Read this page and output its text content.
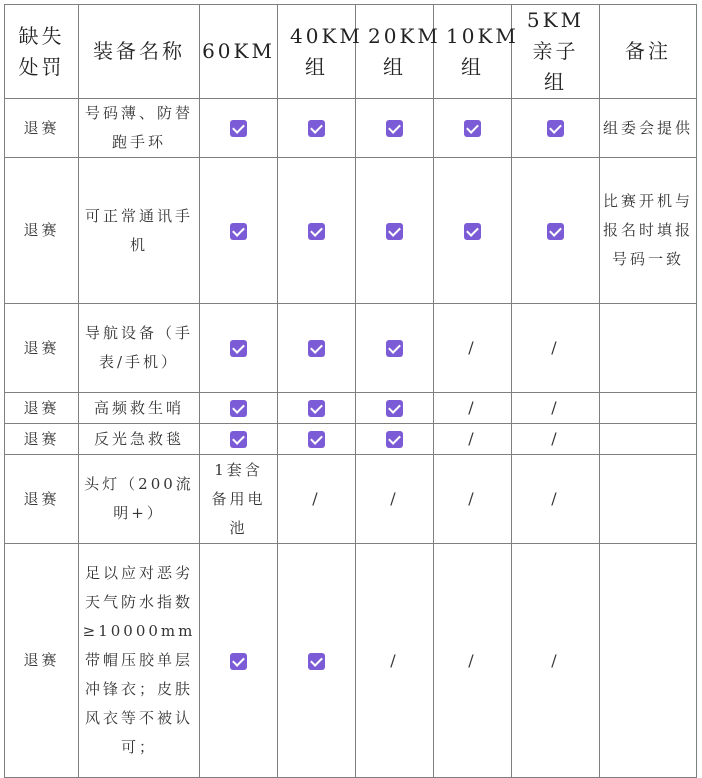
缺失处罚	装备名称	60KM	40KM组	20KM组	10KM组	5KM亲子组	备注
退赛	号码薄、防替跑手环						组委会提供
退赛	可正常通讯手机						比赛开机与报名时填报号码一致
退赛	导航设备（手表/手机）				/	/	
退赛	高频救生哨				/	/	
退赛	反光急救毯				/	/	
退赛	头灯（200流明+）	1套含备用电池	/	/	/	/	
退赛	足以应对恶劣天气防水指数≥10000mm带帽压胶单层冲锋衣；皮肤风衣等不被认可；			/	/	/	
